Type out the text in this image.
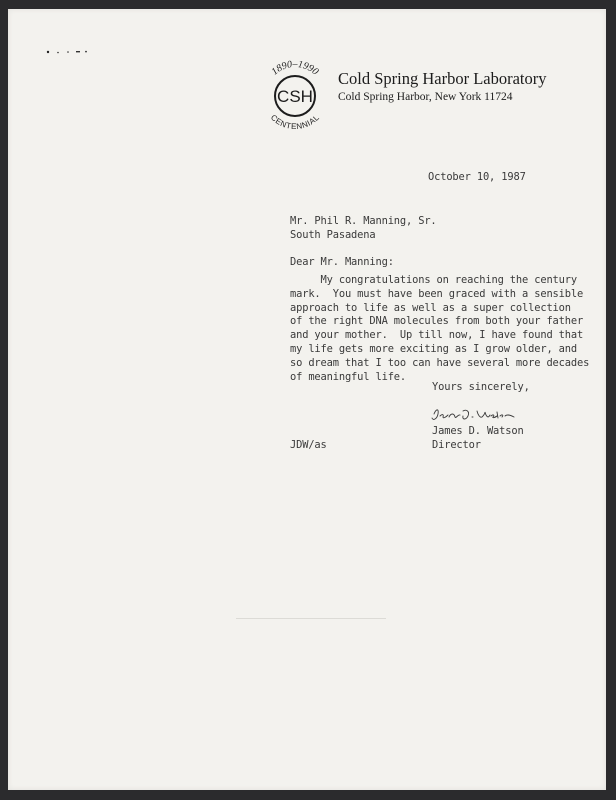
1890–1990
CSH
CENTENNIAL
Cold Spring Harbor Laboratory
Cold Spring Harbor, New York 11724
October 10, 1987
Mr. Phil R. Manning, Sr.
South Pasadena
Dear Mr. Manning:
My congratulations on reaching the century
mark.  You must have been graced with a sensible
approach to life as well as a super collection
of the right DNA molecules from both your father
and your mother.  Up till now, I have found that
my life gets more exciting as I grow older, and
so dream that I too can have several more decades
of meaningful life.
Yours sincerely,
James D. Watson
Director
JDW/as
